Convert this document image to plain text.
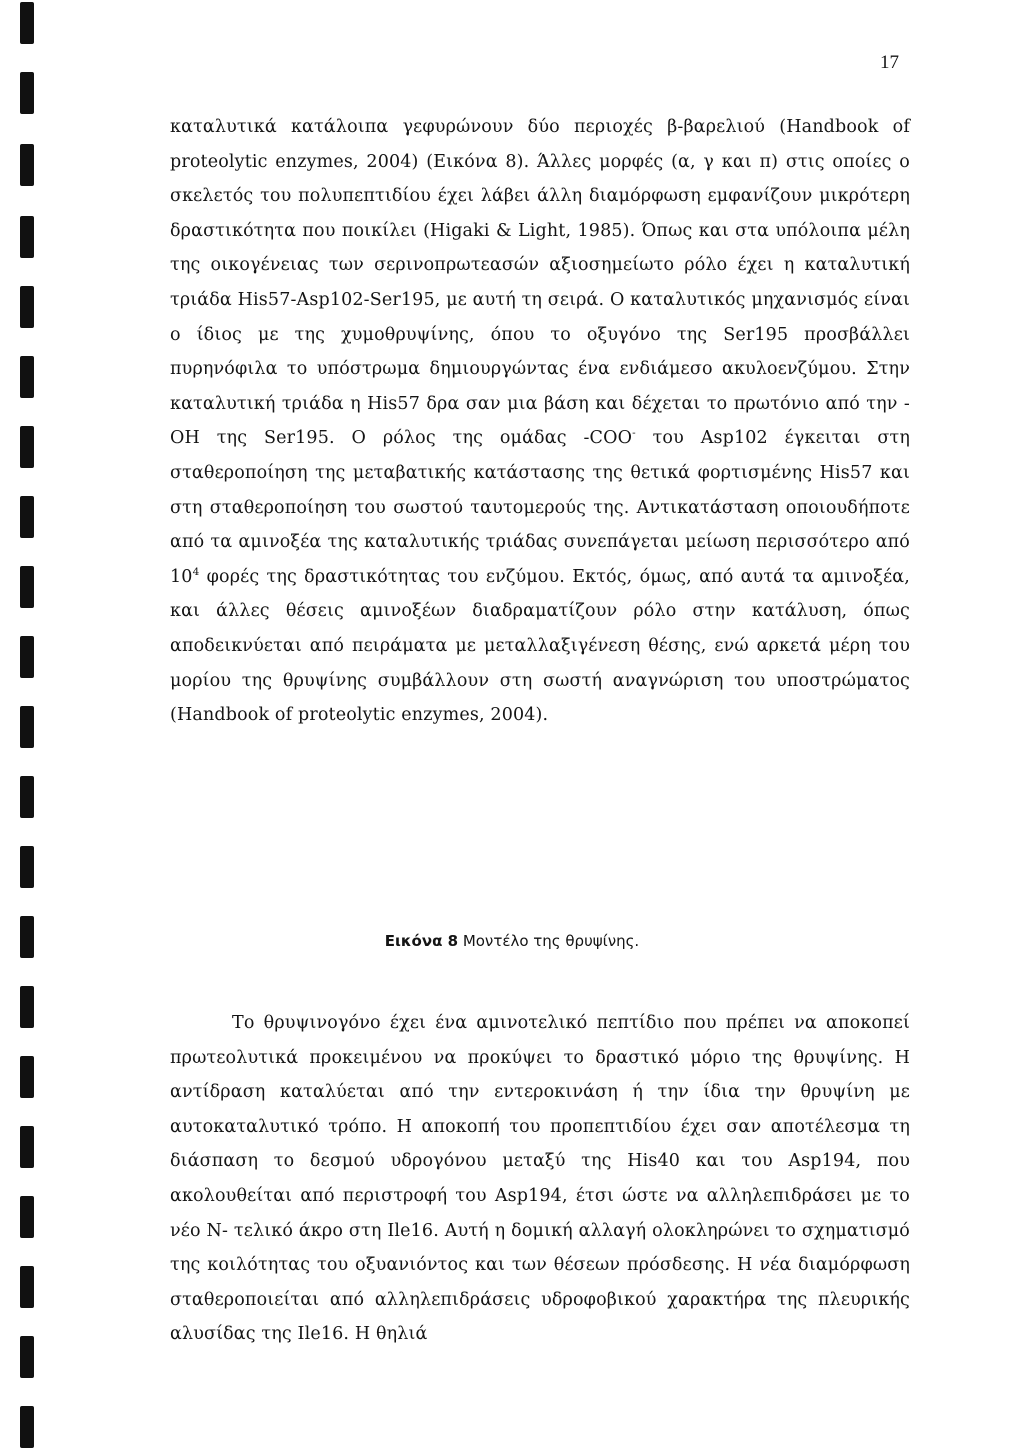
17

καταλυτικά κατάλοιπα γεφυρώνουν δύο περιοχές β-βαρελιού (Handbook of proteolytic enzymes, 2004) (Εικόνα 8). Άλλες μορφές (α, γ και π) στις οποίες ο σκελετός του πολυπεπτιδίου έχει λάβει άλλη διαμόρφωση εμφανίζουν μικρότερη δραστικότητα που ποικίλει (Higaki & Light, 1985). Όπως και στα υπόλοιπα μέλη της οικογένειας των σερινοπρωτεασών αξιοσημείωτο ρόλο έχει η καταλυτική τριάδα His57-Asp102-Ser195, με αυτή τη σειρά. Ο καταλυτικός μηχανισμός είναι ο ίδιος με της χυμοθρυψίνης, όπου το οξυγόνο της Ser195 προσβάλλει πυρηνόφιλα το υπόστρωμα δημιουργώντας ένα ενδιάμεσο ακυλοενζύμου. Στην καταλυτική τριάδα η His57 δρα σαν μια βάση και δέχεται το πρωτόνιο από την -OH της Ser195. Ο ρόλος της ομάδας -COO- του Asp102 έγκειται στη σταθεροποίηση της μεταβατικής κατάστασης της θετικά φορτισμένης His57 και στη σταθεροποίηση του σωστού ταυτομερούς της. Αντικατάσταση οποιουδήποτε από τα αμινοξέα της καταλυτικής τριάδας συνεπάγεται μείωση περισσότερο από $10^4$ φορές της δραστικότητας του ενζύμου. Εκτός, όμως, από αυτά τα αμινοξέα, και άλλες θέσεις αμινοξέων διαδραματίζουν ρόλο στην κατάλυση, όπως αποδεικνύεται από πειράματα με μεταλλαξιγένεση θέσης, ενώ αρκετά μέρη του μορίου της θρυψίνης συμβάλλουν στη σωστή αναγνώριση του υποστρώματος (Handbook of proteolytic enzymes, 2004).

Εικόνα 8 Μοντέλο της θρυψίνης.

Το θρυψινογόνο έχει ένα αμινοτελικό πεπτίδιο που πρέπει να αποκοπεί πρωτεολυτικά προκειμένου να προκύψει το δραστικό μόριο της θρυψίνης. Η αντίδραση καταλύεται από την εντεροκινάση ή την ίδια την θρυψίνη με αυτοκαταλυτικό τρόπο. Η αποκοπή του προπεπτιδίου έχει σαν αποτέλεσμα τη διάσπαση το δεσμού υδρογόνου μεταξύ της His40 και του Asp194, που ακολουθείται από περιστροφή του Asp194, έτσι ώστε να αλληλεπιδράσει με το νέο N- τελικό άκρο στη Ile16. Αυτή η δομική αλλαγή ολοκληρώνει το σχηματισμό της κοιλότητας του οξυανιόντος και των θέσεων πρόσδεσης. Η νέα διαμόρφωση σταθεροποιείται από αλληλεπιδράσεις υδροφοβικού χαρακτήρα της πλευρικής αλυσίδας της Ile16. Η θηλιά
